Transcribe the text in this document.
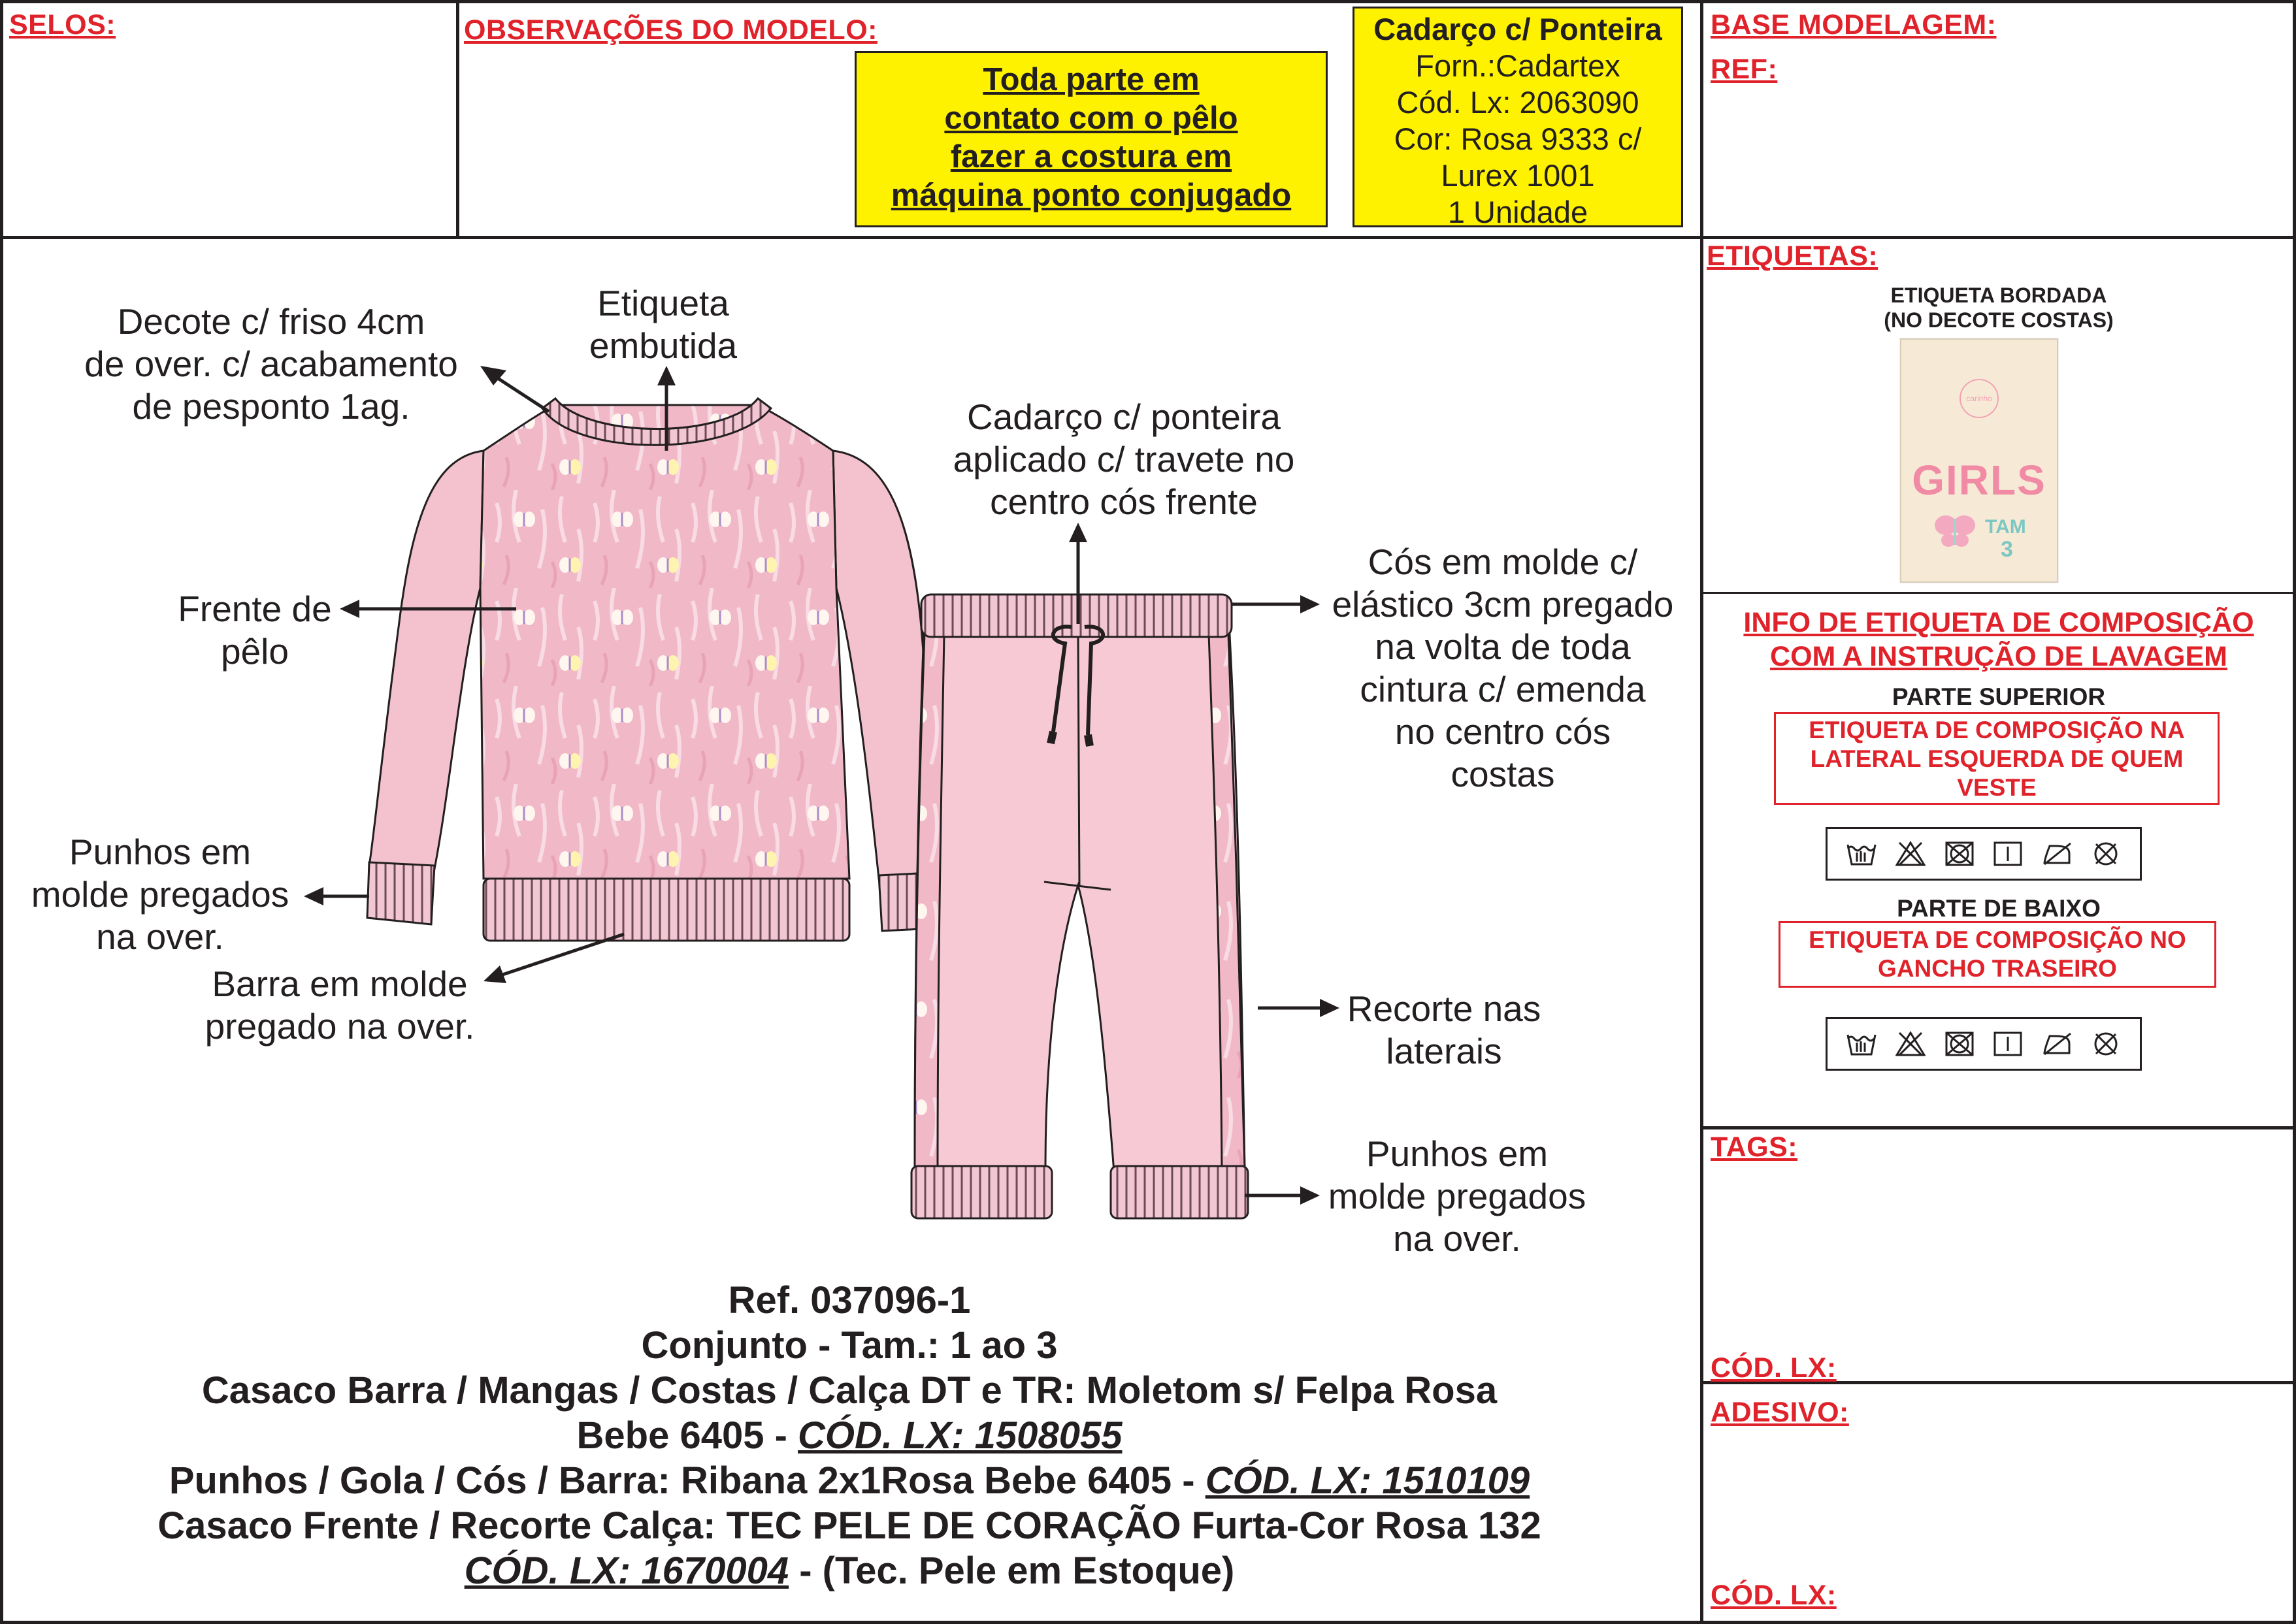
SELOS:	OBSERVAÇÕES DO MODELO:
Toda parte em
contato com o pêlo
fazer a costura em
máquina ponto conjugado
Cadarço c/ Ponteira
Forn.:Cadartex
Cód. Lx: 2063090
Cor: Rosa 9333 c/
Lurex 1001
1 Unidade
BASE MODELAGEM:
REF:
Decote c/ friso 4cm
de over. c/ acabamento
de pesponto 1ag.
Etiqueta
embutida
Cadarço c/ ponteira
aplicado c/ travete no
centro cós frente
Frente de
pêlo
Cós em molde c/
elástico 3cm pregado
na volta de toda
cintura c/ emenda
no centro cós
costas
Punhos em
molde pregados
na over.
Barra em molde
pregado na over.	Recorte nas
laterais
Punhos em
molde pregados
na over.
ETIQUETAS:
ETIQUETA BORDADA
(NO DECOTE COSTAS)
carinho
GIRLS
TAM
3
INFO DE ETIQUETA DE COMPOSIÇÃO
COM A INSTRUÇÃO DE LAVAGEM
PARTE SUPERIOR
ETIQUETA DE COMPOSIÇÃO NA
LATERAL ESQUERDA DE QUEM
VESTE
PARTE DE BAIXO
ETIQUETA DE COMPOSIÇÃO NO
GANCHO TRASEIRO
TAGS:
CÓD. LX:
ADESIVO:
CÓD. LX:
Ref. 037096-1
Conjunto - Tam.: 1 ao 3
Casaco Barra / Mangas / Costas / Calça DT e TR: Moletom s/ Felpa Rosa
Bebe 6405 - CÓD. LX: 1508055
Punhos / Gola / Cós / Barra: Ribana 2x1Rosa Bebe 6405 - CÓD. LX: 1510109
Casaco Frente / Recorte Calça: TEC PELE DE CORAÇÃO Furta-Cor Rosa 132
CÓD. LX: 1670004 - (Tec. Pele em Estoque)
